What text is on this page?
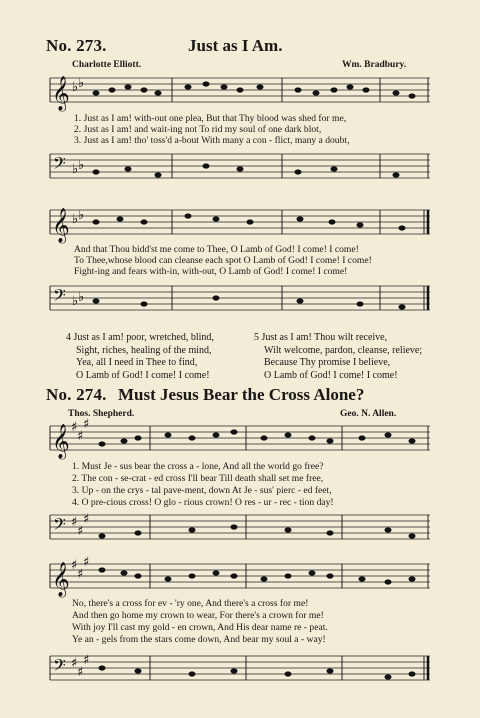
No. 273.	Just as I Am.
Charlotte Elliott.	Wm. Bradbury.
𝄞 ♭ ♭
1. Just as I am! with-out one plea, But that Thy blood was shed for me,
2. Just as I am! and wait-ing not To rid my soul of one dark blot,
3. Just as I am! tho' toss'd a-bout With many a con - flict, many a doubt,
𝄢 ♭ ♭
𝄞 ♭ ♭
And that Thou bidd'st me come to Thee, O Lamb of God! I come! I come!
To Thee,whose blood can cleanse each spot O Lamb of God! I come! I come!
Fight-ing and fears with-in, with-out, O Lamb of God! I come! I come!
𝄢 ♭ ♭
4 Just as I am! poor, wretched, blind,
Sight, riches, healing of the mind,
Yea, all I need in Thee to find,
O Lamb of God! I come! I come!
5 Just as I am! Thou wilt receive,
Wilt welcome, pardon, cleanse, relieve;
Because Thy promise I believe,
O Lamb of God! I come! I come!
No. 274. Must Jesus Bear the Cross Alone?
Thos. Shepherd.	Geo. N. Allen.
𝄞 ♯
♯
♯
1. Must Je - sus bear the cross a - lone, And all the world go free?
2. The con - se-crat - ed cross I'll bear Till death shall set me free,
3. Up - on the crys - tal pave-ment, down At Je - sus' pierc - ed feet,
4. O pre-cious cross! O glo - rious crown! O res - ur - rec - tion day!
𝄢 ♯
♯
♯
𝄞 ♯
♯
♯
No, there's a cross for ev - 'ry one, And there's a cross for me!
And then go home my crown to wear, For there's a crown for me!
With joy I'll cast my gold - en crown, And His dear name re - peat.
Ye an - gels from the stars come down, And bear my soul a - way!
𝄢 ♯
♯
♯
